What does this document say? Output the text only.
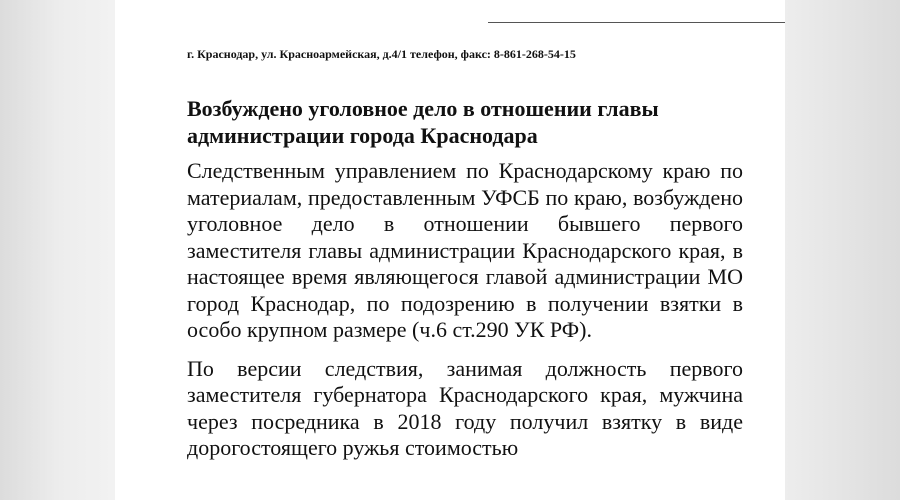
г. Краснодар, ул. Красноармейская, д.4/1 телефон, факс: 8-861-268-54-15
Возбуждено уголовное дело в отношении главы администрации города Краснодара

Следственным управлением по Краснодарскому краю по материалам, предоставленным УФСБ по краю, возбуждено уголовное дело в отношении бывшего первого заместителя главы администрации Краснодарского края, в настоящее время являющегося главой администрации МО город Краснодар, по подозрению в получении взятки в особо крупном размере (ч.6 ст.290 УК РФ).

По версии следствия, занимая должность первого заместителя губернатора Краснодарского края, мужчина через посредника в 2018 году получил взятку в виде дорогостоящего ружья стоимостью
